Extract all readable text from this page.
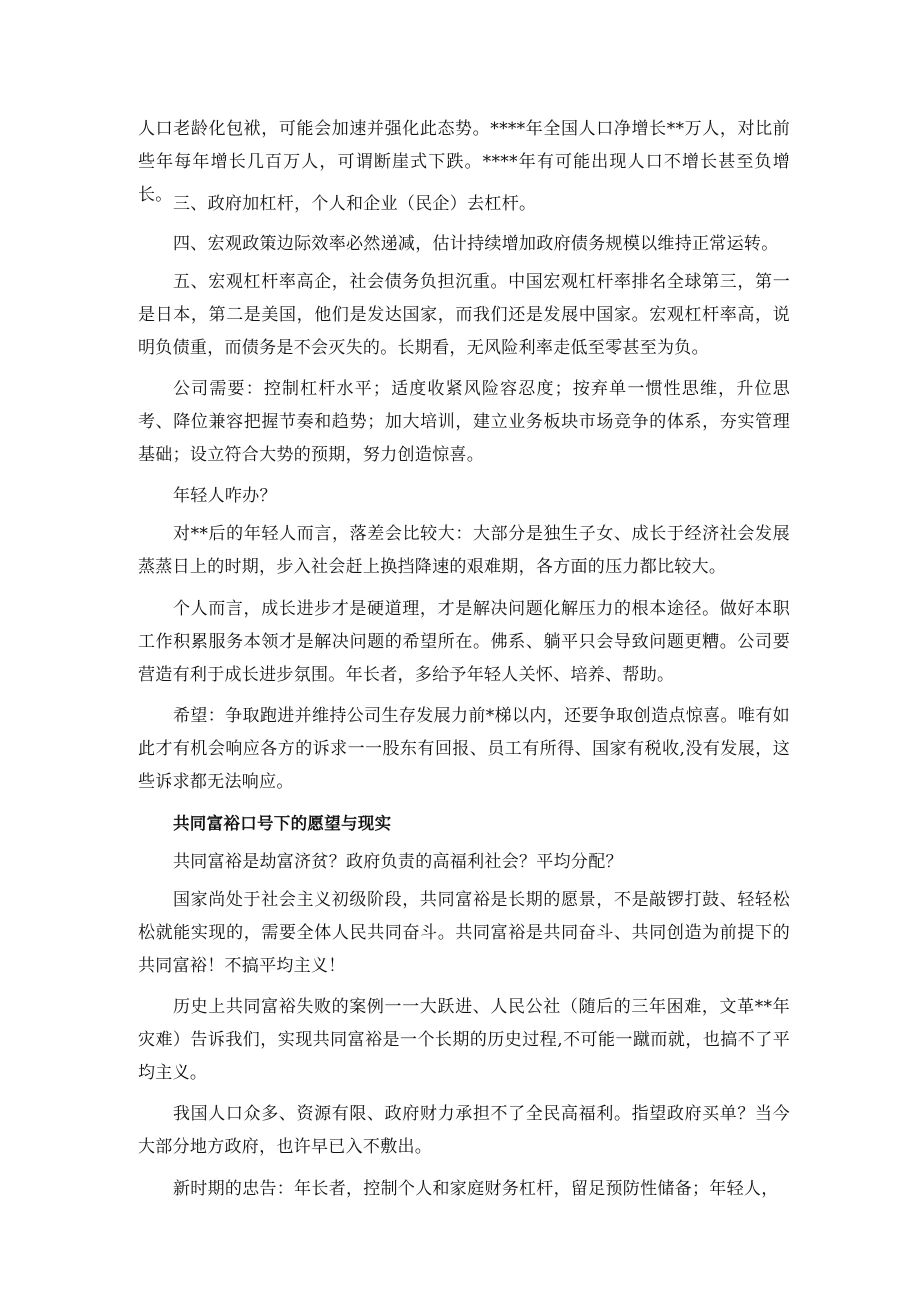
人口老龄化包袱，可能会加速并强化此态势。****年全国人口净增长**万人，对比前些年每年增长几百万人，可谓断崖式下跌。****年有可能出现人口不增长甚至负增长。 三、政府加杠杆，个人和企业（民企）去杠杆。

四、宏观政策边际效率必然递减，估计持续增加政府债务规模以维持正常运转。

五、宏观杠杆率高企，社会债务负担沉重。中国宏观杠杆率排名全球第三，第一是日本，第二是美国，他们是发达国家，而我们还是发展中国家。宏观杠杆率高，说明负债重，而债务是不会灭失的。长期看，无风险利率走低至零甚至为负。

公司需要：控制杠杆水平；适度收紧风险容忍度；按弃单一惯性思维，升位思考、降位兼容把握节奏和趋势；加大培训，建立业务板块市场竞争的体系，夯实管理基础；设立符合大势的预期，努力创造惊喜。

年轻人咋办？

对**后的年轻人而言，落差会比较大：大部分是独生子女、成长于经济社会发展蒸蒸日上的时期，步入社会赶上换挡降速的艰难期，各方面的压力都比较大。

个人而言，成长进步才是硬道理，才是解决问题化解压力的根本途径。做好本职工作积累服务本领才是解决问题的希望所在。佛系、躺平只会导致问题更糟。公司要营造有利于成长进步氛围。年长者，多给予年轻人关怀、培养、帮助。

希望：争取跑进并维持公司生存发展力前*梯以内，还要争取创造点惊喜。唯有如此才有机会响应各方的诉求一一股东有回报、员工有所得、国家有税收,没有发展，这些诉求都无法响应。

共同富裕口号下的愿望与现实

共同富裕是劫富济贫？政府负责的高福利社会？平均分配？

国家尚处于社会主义初级阶段，共同富裕是长期的愿景，不是敲锣打鼓、轻轻松松就能实现的，需要全体人民共同奋斗。共同富裕是共同奋斗、共同创造为前提下的共同富裕！不搞平均主义！

历史上共同富裕失败的案例一一大跃进、人民公社（随后的三年困难，文革**年灾难）告诉我们，实现共同富裕是一个长期的历史过程,不可能一蹴而就，也搞不了平均主义。

我国人口众多、资源有限、政府财力承担不了全民高福利。指望政府买单？当今大部分地方政府，也许早已入不敷出。

新时期的忠告：年长者，控制个人和家庭财务杠杆，留足预防性储备；年轻人，
